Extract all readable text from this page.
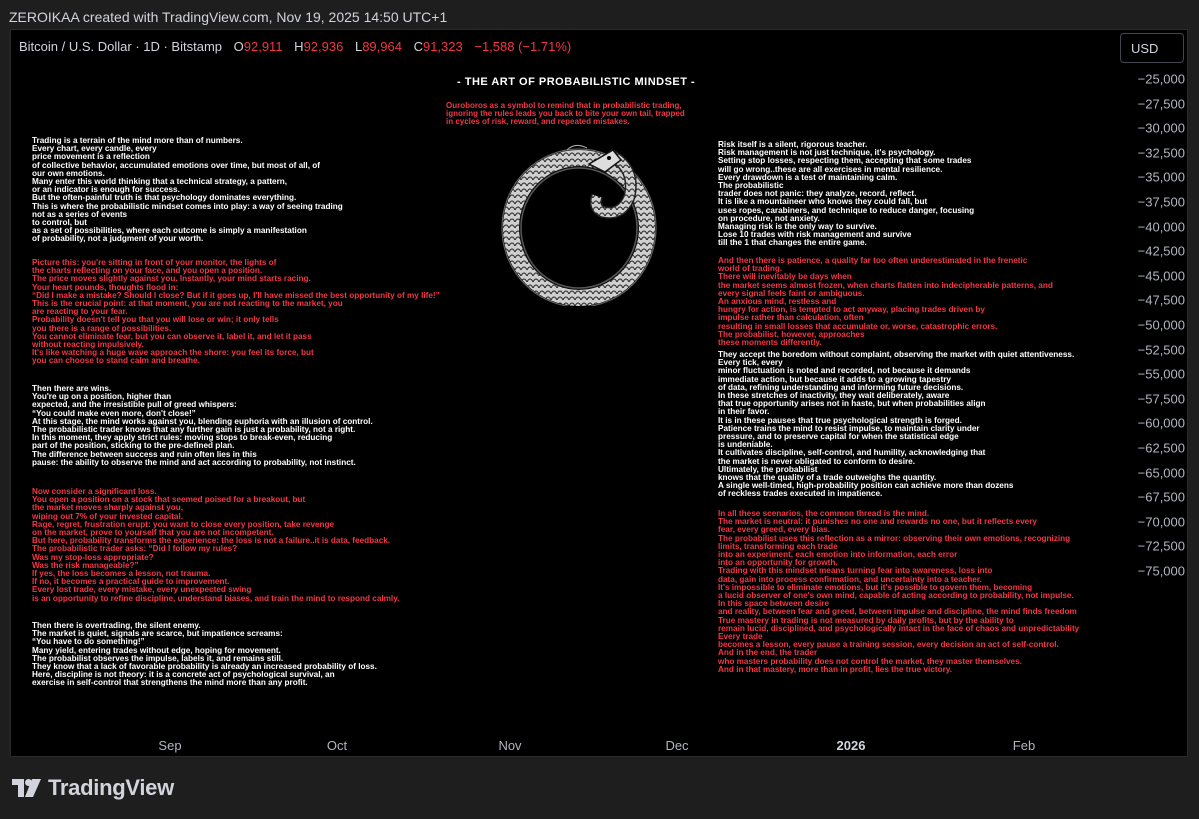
ZEROIKAA created with TradingView.com, Nov 19, 2025 14:50 UTC+1
Bitcoin / U.S. Dollar · 1D · Bitstamp O92,911 H92,936 L89,964 C91,323 −1,588 (−1.71%)	USD
- THE ART OF PROBABILISTIC MINDSET -
Ouroboros as a symbol to remind that in probabilistic trading,
ignoring the rules leads you back to bite your own tail, trapped
in cycles of risk, reward, and repeated mistakes.
Trading is a terrain of the mind more than of numbers.
Every chart, every candle, every
price movement is a reflection
of collective behavior, accumulated emotions over time, but most of all, of
our own emotions.
Many enter this world thinking that a technical strategy, a pattern,
or an indicator is enough for success.
But the often-painful truth is that psychology dominates everything.
This is where the probabilistic mindset comes into play: a way of seeing trading
not as a series of events
to control, but
as a set of possibilities, where each outcome is simply a manifestation
of probability, not a judgment of your worth.
Picture this: you're sitting in front of your monitor, the lights of
the charts reflecting on your face, and you open a position.
The price moves slightly against you. Instantly, your mind starts racing.
Your heart pounds, thoughts flood in:
“Did I make a mistake? Should I close? But if it goes up, I'll have missed the best opportunity of my life!”
This is the crucial point: at that moment, you are not reacting to the market, you
are reacting to your fear.
Probability doesn't tell you that you will lose or win; it only tells
you there is a range of possibilities.
You cannot eliminate fear, but you can observe it, label it, and let it pass
without reacting impulsively.
It's like watching a huge wave approach the shore: you feel its force, but
you can choose to stand calm and breathe.
Then there are wins.
You're up on a position, higher than
expected, and the irresistible pull of greed whispers:
“You could make even more, don't close!”
At this stage, the mind works against you, blending euphoria with an illusion of control.
The probabilistic trader knows that any further gain is just a probability, not a right.
In this moment, they apply strict rules: moving stops to break-even, reducing
part of the position, sticking to the pre-defined plan.
The difference between success and ruin often lies in this
pause: the ability to observe the mind and act according to probability, not instinct.
Now consider a significant loss.
You open a position on a stock that seemed poised for a breakout, but
the market moves sharply against you,
wiping out 7% of your invested capital.
Rage, regret, frustration erupt: you want to close every position, take revenge
on the market, prove to yourself that you are not incompetent.
But here, probability transforms the experience: the loss is not a failure..it is data, feedback.
The probabilistic trader asks: “Did I follow my rules?
Was my stop-loss appropriate?
Was the risk manageable?”
If yes, the loss becomes a lesson, not trauma.
If no, it becomes a practical guide to improvement.
Every lost trade, every mistake, every unexpected swing
is an opportunity to refine discipline, understand biases, and train the mind to respond calmly.
Then there is overtrading, the silent enemy.
The market is quiet, signals are scarce, but impatience screams:
“You have to do something!”
Many yield, entering trades without edge, hoping for movement.
The probabilist observes the impulse, labels it, and remains still.
They know that a lack of favorable probability is already an increased probability of loss.
Here, discipline is not theory: it is a concrete act of psychological survival, an
exercise in self-control that strengthens the mind more than any profit.
Risk itself is a silent, rigorous teacher.
Risk management is not just technique, it's psychology.
Setting stop losses, respecting them, accepting that some trades
will go wrong..these are all exercises in mental resilience.
Every drawdown is a test of maintaining calm.
The probabilistic
trader does not panic: they analyze, record, reflect.
It is like a mountaineer who knows they could fall, but
uses ropes, carabiners, and technique to reduce danger, focusing
on procedure, not anxiety.
Managing risk is the only way to survive.
Lose 10 trades with risk management and survive
till the 1 that changes the entire game.
And then there is patience, a quality far too often underestimated in the frenetic
world of trading.
There will inevitably be days when
the market seems almost frozen, when charts flatten into indecipherable patterns, and
every signal feels faint or ambiguous.
An anxious mind, restless and
hungry for action, is tempted to act anyway, placing trades driven by
impulse rather than calculation, often
resulting in small losses that accumulate or, worse, catastrophic errors.
The probabilist, however, approaches
these moments differently.
They accept the boredom without complaint, observing the market with quiet attentiveness.
Every tick, every
minor fluctuation is noted and recorded, not because it demands
immediate action, but because it adds to a growing tapestry
of data, refining understanding and informing future decisions.
In these stretches of inactivity, they wait deliberately, aware
that true opportunity arises not in haste, but when probabilities align
in their favor.
It is in these pauses that true psychological strength is forged.
Patience trains the mind to resist impulse, to maintain clarity under
pressure, and to preserve capital for when the statistical edge
is undeniable.
It cultivates discipline, self-control, and humility, acknowledging that
the market is never obligated to conform to desire.
Ultimately, the probabilist
knows that the quality of a trade outweighs the quantity.
A single well-timed, high-probability position can achieve more than dozens
of reckless trades executed in impatience.
In all these scenarios, the common thread is the mind.
The market is neutral: it punishes no one and rewards no one, but it reflects every
fear, every greed, every bias.
The probabilist uses this reflection as a mirror: observing their own emotions, recognizing
limits, transforming each trade
into an experiment, each emotion into information, each error
into an opportunity for growth.
Trading with this mindset means turning fear into awareness, loss into
data, gain into process confirmation, and uncertainty into a teacher.
It's impossible to eliminate emotions, but it's possible to govern them, becoming
a lucid observer of one's own mind, capable of acting according to probability, not impulse.
In this space between desire
and reality, between fear and greed, between impulse and discipline, the mind finds freedom
True mastery in trading is not measured by daily profits, but by the ability to
remain lucid, disciplined, and psychologically intact in the face of chaos and unpredictability
Every trade
becomes a lesson, every pause a training session, every decision an act of self-control.
And in the end, the trader
who masters probability does not control the market, they master themselves.
And in that mastery, more than in profit, lies the true victory.
−25,000
−27,500
−30,000
−32,500
−35,000
−37,500
−40,000
−42,500
−45,000
−47,500
−50,000
−52,500
−55,000
−57,500
−60,000
−62,500
−65,000
−67,500
−70,000
−72,500
−75,000
Sep	Oct	Nov	Dec	2026	Feb
TradingView
